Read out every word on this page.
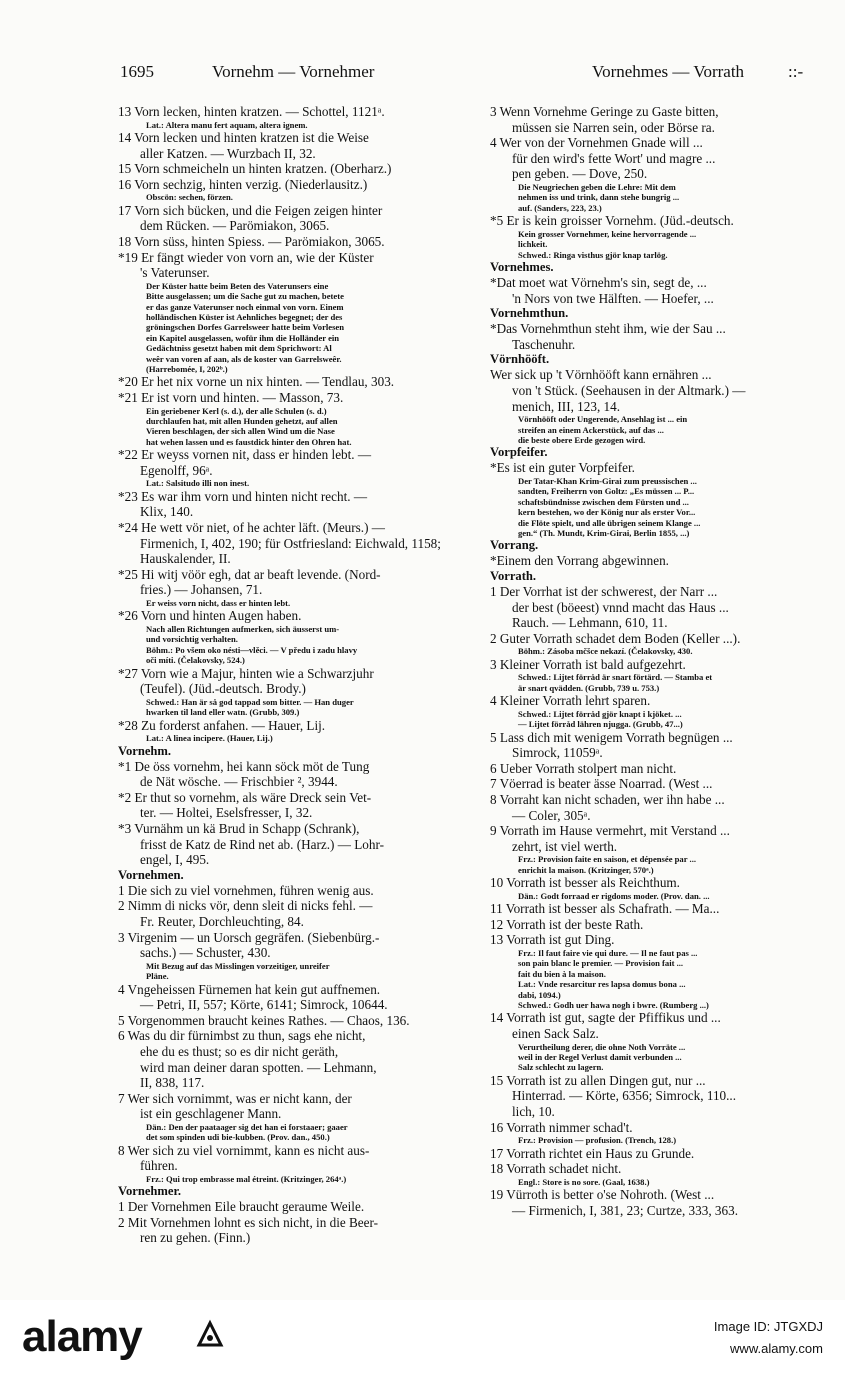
1695	Vornehm — Vornehmer	Vornehmes — Vorrath	::-
13 Vorn lecken, hinten kratzen. — Schottel, 1121ᵃ.
Lat.: Altera manu fert aquam, altera ignem.
14 Vorn lecken und hinten kratzen ist die Weise
aller Katzen. — Wurzbach II, 32.
15 Vorn schmeicheln un hinten kratzen. (Oberharz.)
16 Vorn sechzig, hinten verzig. (Niederlausitz.)
Obscön: sechen, förzen.
17 Vorn sich bücken, und die Feigen zeigen hinter
dem Rücken. — Parömiakon, 3065.
18 Vorn süss, hinten Spiess. — Parömiakon, 3065.
*19 Er fängt wieder von vorn an, wie der Küster
's Vaterunser.
Der Küster hatte beim Beten des Vaterunsers eine
Bitte ausgelassen; um die Sache gut zu machen, betete
er das ganze Vaterunser noch einmal von vorn. Einem
holländischen Küster ist Aehnliches begegnet; der des
gröningschen Dorfes Garrelsweer hatte beim Vorlesen
ein Kapitel ausgelassen, wofür ihm die Holländer ein
Gedächtniss gesetzt haben mit dem Sprichwort: Al
weêr van voren af aan, als de koster van Garrelsweêr.
(Harrebomée, I, 202ᵇ.)
*20 Er het nix vorne un nix hinten. — Tendlau, 303.
*21 Er ist vorn und hinten. — Masson, 73.
Ein geriebener Kerl (s. d.), der alle Schulen (s. d.)
durchlaufen hat, mit allen Hunden gehetzt, auf allen
Vieren beschlagen, der sich allen Wind um die Nase
hat wehen lassen und es faustdick hinter den Ohren hat.
*22 Er weyss vornen nit, dass er hinden lebt. —
Egenolff, 96ᵃ.
Lat.: Salsitudo illi non inest.
*23 Es war ihm vorn und hinten nicht recht. —
Klix, 140.
*24 He wett vör niet, of he achter läft. (Meurs.) —
Firmenich, I, 402, 190; für Ostfriesland: Eichwald, 1158;
Hauskalender, II.
*25 Hi witj vöör egh, dat ar beaft levende. (Nord-
fries.) — Johansen, 71.
Er weiss vorn nicht, dass er hinten lebt.
*26 Vorn und hinten Augen haben.
Nach allen Richtungen aufmerken, sich äusserst um-
und vorsichtig verhalten.
Böhm.: Po všem oko nésti—vlěci. — V předu i zadu hlavy
oči míti. (Čelakovsky, 524.)
*27 Vorn wie a Majur, hinten wie a Schwarzjuhr
(Teufel). (Jüd.-deutsch. Brody.)
Schwed.: Han är så god tappad som bitter. — Han duger
hwarken til land eller watn. (Grubb, 309.)
*28 Zu forderst anfahen. — Hauer, Lij.
Lat.: A linea incipere. (Hauer, Lij.)
Vornehm.
*1 De öss vornehm, hei kann söck möt de Tung
de Nät wösche. — Frischbier ², 3944.
*2 Er thut so vornehm, als wäre Dreck sein Vet-
ter. — Holtei, Eselsfresser, I, 32.
*3 Vurnähm un kä Brud in Schapp (Schrank),
frisst de Katz de Rind net ab. (Harz.) — Lohr-
engel, I, 495.
Vornehmen.
1 Die sich zu viel vornehmen, führen wenig aus.
2 Nimm di nicks vör, denn sleit di nicks fehl. —
Fr. Reuter, Dorchleuchting, 84.
3 Virgenim — un Uorsch gegräfen. (Siebenbürg.-
sachs.) — Schuster, 430.
Mit Bezug auf das Misslingen vorzeitiger, unreifer
Pläne.
4 Vngeheissen Fürnemen hat kein gut auffnemen.
— Petri, II, 557; Körte, 6141; Simrock, 10644.
5 Vorgenommen braucht keines Rathes. — Chaos, 136.
6 Was du dir fürnimbst zu thun, sags ehe nicht,
ehe du es thust; so es dir nicht geräth,
wird man deiner daran spotten. — Lehmann,
II, 838, 117.
7 Wer sich vornimmt, was er nicht kann, der
ist ein geschlagener Mann.
Dän.: Den der paataager sig det han ei forstaaer; gaaer
det som spinden udi bie-kubben. (Prov. dan., 450.)
8 Wer sich zu viel vornimmt, kann es nicht aus-
führen.
Frz.: Qui trop embrasse mal étreint. (Kritzinger, 264ᵃ.)
Vornehmer.
1 Der Vornehmen Eile braucht geraume Weile.
2 Mit Vornehmen lohnt es sich nicht, in die Beer-
ren zu gehen. (Finn.)
3 Wenn Vornehme Geringe zu Gaste bitten,
müssen sie Narren sein, oder Börse ra.
4 Wer von der Vornehmen Gnade will ...
für den wird's fette Wort' und magre ...
pen geben. — Dove, 250.
Die Neugriechen geben die Lehre: Mit dem
nehmen iss und trink, dann stehe bungrig ...
auf. (Sanders, 223, 23.)
*5 Er is kein groisser Vornehm. (Jüd.-deutsch.
Kein grosser Vornehmer, keine hervorragende ...
lichkeit.
Schwed.: Ringa visthus gjör knap tarlög.
Vornehmes.
*Dat moet wat Vörnehm's sin, segt de, ...
'n Nors von twe Hälften. — Hoefer, ...
Vornehmthun.
*Das Vornehmthun steht ihm, wie der Sau ...
Taschenuhr.
Vörnhööft.
Wer sick up 't Vörnhööft kann ernähren ...
von 't Stück. (Seehausen in der Altmark.) —
menich, III, 123, 14.
Vörnhööft oder Ungerende, Ansehlag ist ... ein
streifen an einem Ackerstück, auf das ...
die beste obere Erde gezogen wird.
Vorpfeifer.
*Es ist ein guter Vorpfeifer.
Der Tatar-Khan Krim-Girai zum preussischen ...
sandten, Freiherrn von Goltz: „Es müssen ... P...
schaftsbündnisse zwischen dem Fürsten und ...
kern bestehen, wo der König nur als erster Vor...
die Flöte spielt, und alle übrigen seinem Klange ...
gen.“ (Th. Mundt, Krim-Girai, Berlin 1855, ...)
Vorrang.
*Einem den Vorrang abgewinnen.
Vorrath.
1 Der Vorrhat ist der schwerest, der Narr ...
der best (böeest) vnnd macht das Haus ...
Rauch. — Lehmann, 610, 11.
2 Guter Vorrath schadet dem Boden (Keller ...).
Böhm.: Zásoba mčšce nekazí. (Čelakovsky, 430.
3 Kleiner Vorrath ist bald aufgezehrt.
Schwed.: Lijtet förråd är snart förtärd. — Stamba et
är snart qvädden. (Grubb, 739 u. 753.)
4 Kleiner Vorrath lehrt sparen.
Schwed.: Lijtet förråd gjör knapt i kjöket. ...
— Lijtet förråd lähren njugga. (Grubb, 47...)
5 Lass dich mit wenigem Vorrath begnügen ...
Simrock, 11059ᵃ.
6 Ueber Vorrath stolpert man nicht.
7 Vöerrad is beater ässe Noarrad. (West ...
8 Vorraht kan nicht schaden, wer ihn habe ...
— Coler, 305ᵃ.
9 Vorrath im Hause vermehrt, mit Verstand ...
zehrt, ist viel werth.
Frz.: Provision faite en saison, et dépensée par ...
enrichit la maison. (Kritzinger, 570ᵃ.)
10 Vorrath ist besser als Reichthum.
Dän.: Godt forraad er rigdoms moder. (Prov. dan. ...
11 Vorrath ist besser als Schafrath. — Ma...
12 Vorrath ist der beste Rath.
13 Vorrath ist gut Ding.
Frz.: Il faut faire vie qui dure. — Il ne faut pas ...
son pain blanc le premier. — Provision fait ...
fait du bien à la maison.
Lat.: Vnde resarcitur res lapsa domus bona ...
dabi, 1094.)
Schwed.: Godh uer hawa nogh i bwre. (Rumberg ...)
14 Vorrath ist gut, sagte der Pfiffikus und ...
einen Sack Salz.
Verurtheilung derer, die ohne Noth Vorräte ...
weil in der Regel Verlust damit verbunden ...
Salz schlecht zu lagern.
15 Vorrath ist zu allen Dingen gut, nur ...
Hinterrad. — Körte, 6356; Simrock, 110...
lich, 10.
16 Vorrath nimmer schad't.
Frz.: Provision — profusion. (Trench, 128.)
17 Vorrath richtet ein Haus zu Grunde.
18 Vorrath schadet nicht.
Engl.: Store is no sore. (Gaal, 1638.)
19 Vürroth is better o'se Nohroth. (West ...
— Firmenich, I, 381, 23; Curtze, 333, 363.
alamy	Image ID: JTGXDJ
www.alamy.com
